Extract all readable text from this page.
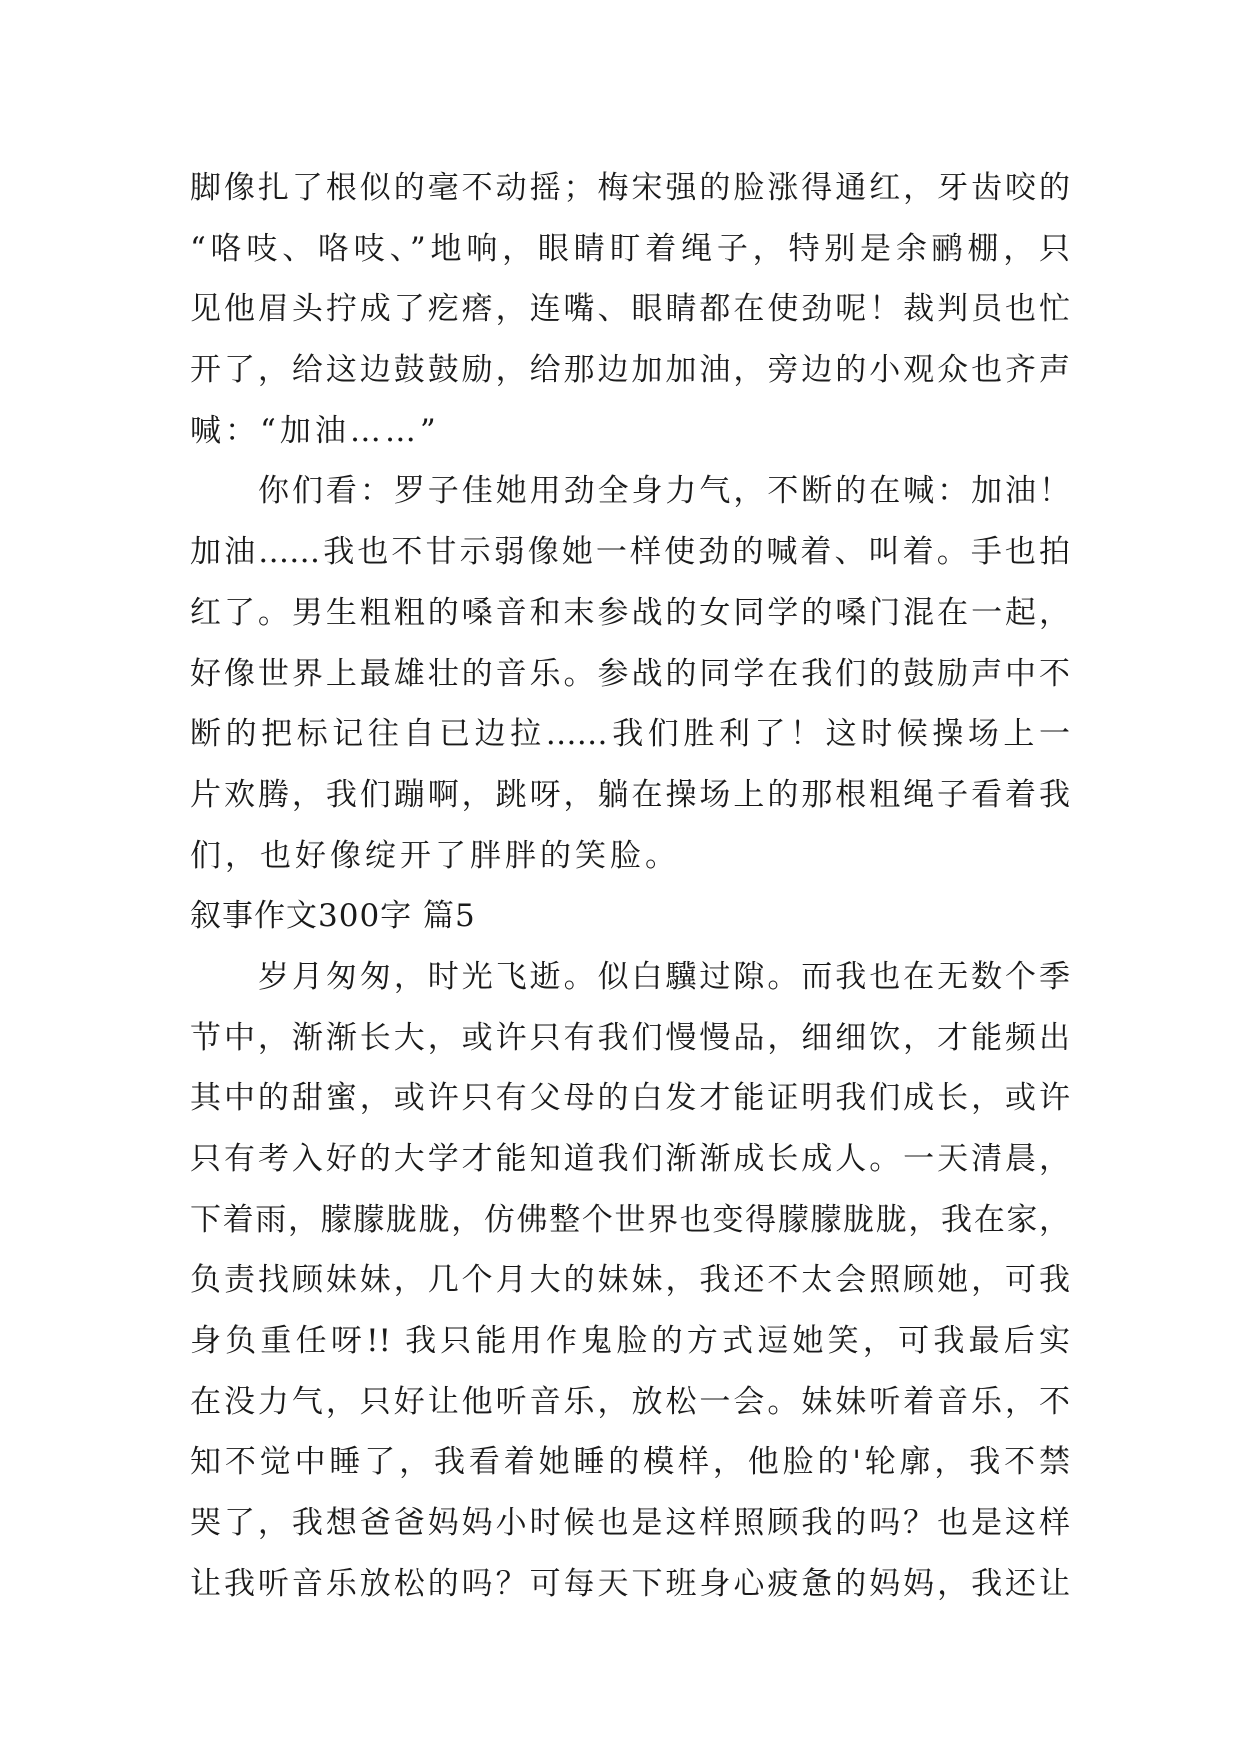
脚像扎了根似的毫不动摇；梅宋强的脸涨得通红，牙齿咬的
“咯吱、咯吱、”地响，眼睛盯着绳子，特别是余鹂棚，只
见他眉头拧成了疙瘩，连嘴、眼睛都在使劲呢！裁判员也忙
开了，给这边鼓鼓励，给那边加加油，旁边的小观众也齐声
喊：“加油……”
你们看：罗子佳她用劲全身力气，不断的在喊：加油！
加油……我也不甘示弱像她一样使劲的喊着、叫着。手也拍
红了。男生粗粗的嗓音和末参战的女同学的嗓门混在一起，
好像世界上最雄壮的音乐。参战的同学在我们的鼓励声中不
断的把标记往自已边拉……我们胜利了！这时候操场上一
片欢腾，我们蹦啊，跳呀，躺在操场上的那根粗绳子看着我
们，也好像绽开了胖胖的笑脸。
叙事作文300字 篇5
岁月匆匆，时光飞逝。似白驥过隙。而我也在无数个季
节中，渐渐长大，或许只有我们慢慢品，细细饮，才能频出
其中的甜蜜，或许只有父母的白发才能证明我们成长，或许
只有考入好的大学才能知道我们渐渐成长成人。一天清晨，
下着雨，朦朦胧胧，仿佛整个世界也变得朦朦胧胧，我在家，
负责找顾妹妹，几个月大的妹妹，我还不太会照顾她，可我
身负重任呀!! 我只能用作鬼脸的方式逗她笑，可我最后实
在没力气，只好让他听音乐，放松一会。妹妹听着音乐，不
知不觉中睡了，我看着她睡的模样，他脸的'轮廓，我不禁
哭了，我想爸爸妈妈小时候也是这样照顾我的吗？也是这样
让我听音乐放松的吗？可每天下班身心疲惫的妈妈，我还让
